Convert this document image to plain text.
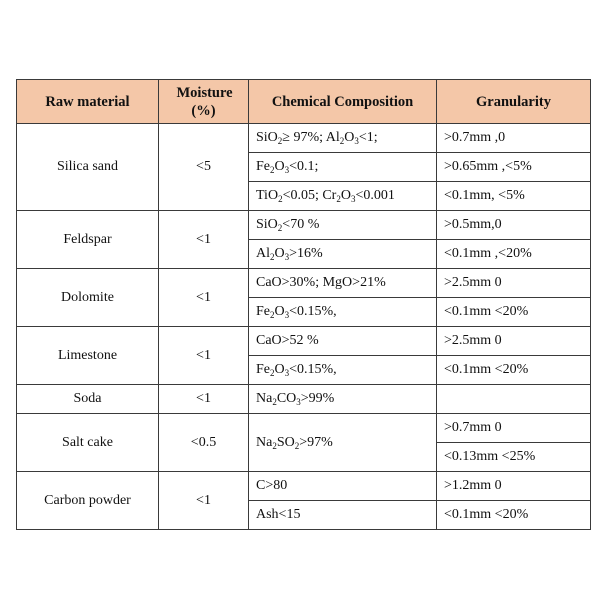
Raw material	Moisture (%)	Chemical Composition	Granularity
Silica sand	<5	SiO$_2$≥ 97%; $Al_2O_3<1$;	>0.7mm ,0
		$Fe_2O_3<0.1$;	>0.65mm ,<5%
		TiO$_2$<0.05; $Cr_2O_3<0.001$	<0.1mm, <5%
Feldspar	<1	SiO$_2$<70 %	>0.5mm,0
		$Al_2O_3>16\%$	<0.1mm ,<20%
Dolomite	<1	CaO>30%; MgO>21%	>2.5mm 0
		$Fe_2O_3<0.15\%$,	<0.1mm <20%
Limestone	<1	CaO>52 %	>2.5mm 0
		$Fe_2O_3<0.15\%$,	<0.1mm <20%
Soda	<1	$Na_2CO_3>99\%$	
Salt cake	<0.5	$Na_2SO_2>97\%$	>0.7mm 0
			<0.13mm <25%
Carbon powder	<1	C>80	>1.2mm 0
		Ash<15	<0.1mm <20%
